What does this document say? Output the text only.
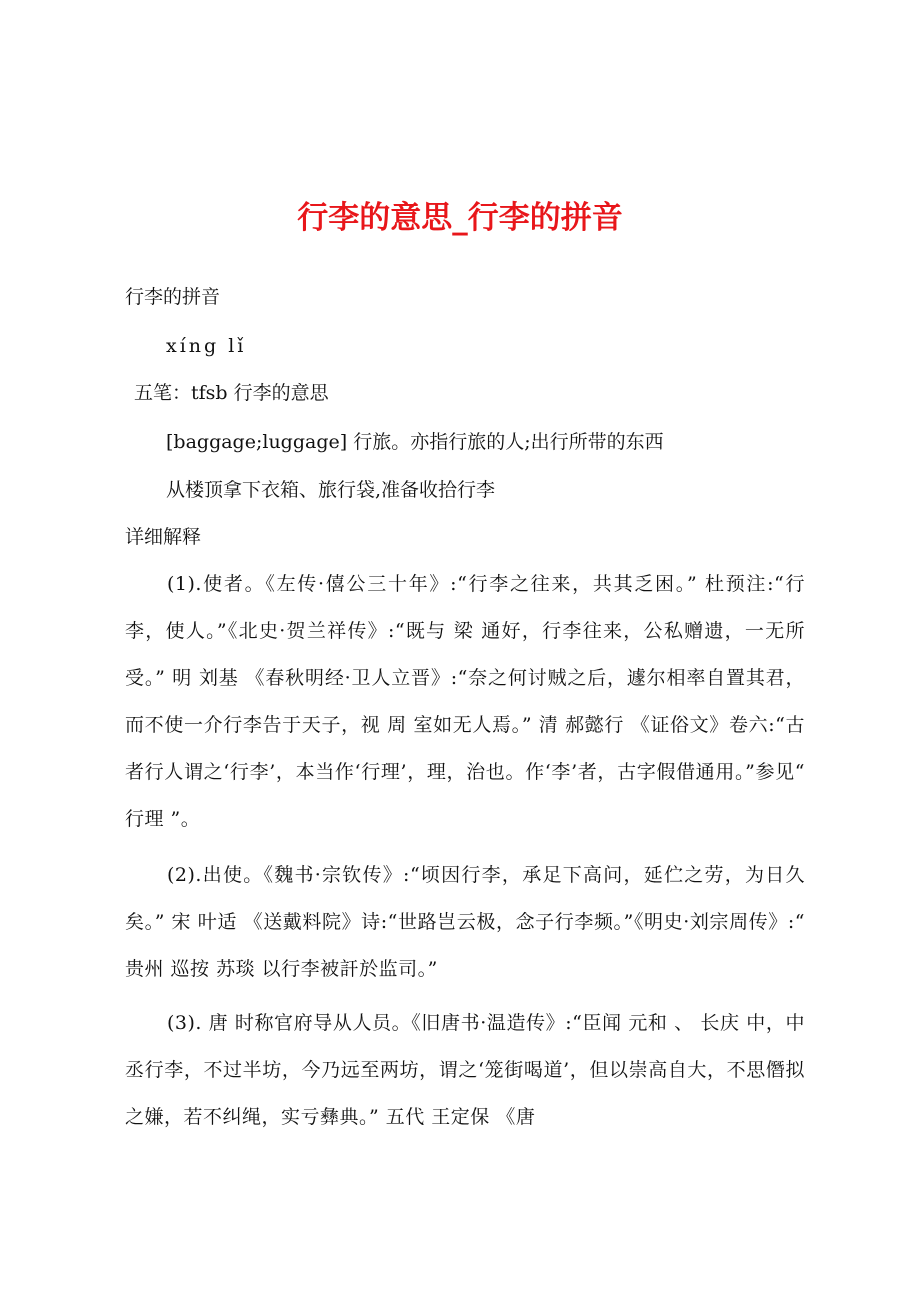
行李的意思_行李的拼音

行李的拼音

xíng lǐ

五笔：tfsb 行李的意思

[baggage;luggage] 行旅。亦指行旅的人;出行所带的东西

从楼顶拿下衣箱、旅行袋,准备收拾行李

详细解释

(1).使者。《左传·僖公三十年》:“行李之往来，共其乏困。” 杜预注:“行李，使人。”《北史·贺兰祥传》:“既与 梁 通好，行李往来，公私赠遗，一无所受。” 明 刘基 《春秋明经·卫人立晋》:“奈之何讨贼之后，遽尔相率自置其君，而不使一介行李告于天子，视 周 室如无人焉。” 清 郝懿行 《证俗文》卷六:“古者行人谓之‘行李’，本当作‘行理’，理，治也。作‘李’者，古字假借通用。”参见“ 行理 ”。

(2).出使。《魏书·宗钦传》:“顷因行李，承足下高问，延伫之劳，为日久矣。” 宋 叶适 《送戴料院》诗:“世路岂云极，念子行李频。”《明史·刘宗周传》:“ 贵州 巡按 苏琰 以行李被訐於监司。”

(3). 唐 时称官府导从人员。《旧唐书·温造传》:“臣闻 元和 、 长庆 中，中丞行李，不过半坊，今乃远至两坊，谓之‘笼街喝道’，但以崇高自大，不思僭拟之嫌，若不纠绳，实亏彝典。” 五代 王定保 《唐
